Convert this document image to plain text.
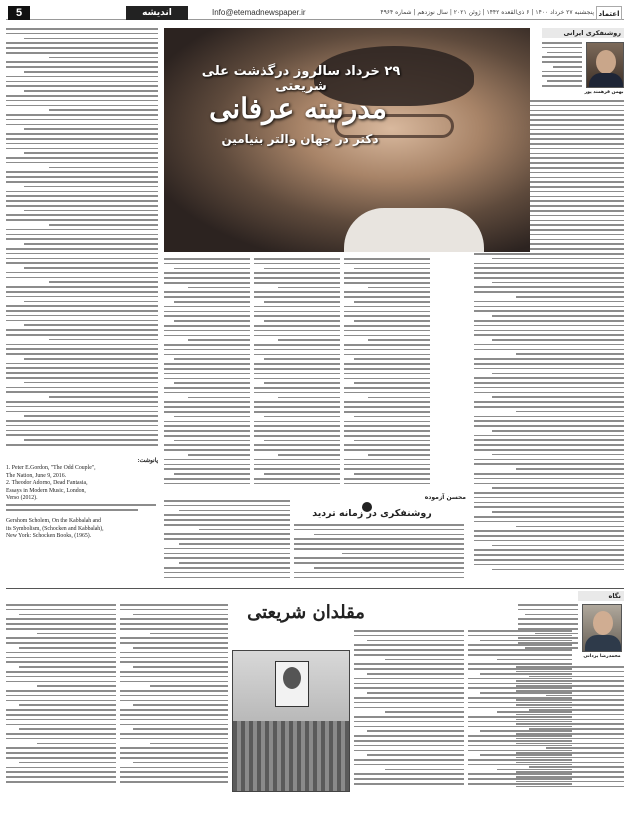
5	اندیشه	Info@etemadnewspaper.ir	پنجشنبه ۲۷ خرداد ۱۴۰۰ | ۶ ذی‌القعده ۱۴۴۲ | ژوئن ۲۰۲۱ | سال نوزدهم | شماره ۴۹۶۴ اعتماد
روشنفکری ایرانی
بهمن فرهمند پور
۲۹ خرداد سالروز درگذشت علی شریعتی
مدرنیته عرفانی
دکتر در جهان والتر بنیامین
پانوشت:
1. Peter E.Gordon, "The Odd Couple",
The Nation, June 9, 2016.
2. Theodor Adorno, Dead Fantasia,
Essays in Modern Music, London,
Verso (2012).
Gershom Scholem, On the Kabbalah and
its Symbolism, (Schocken and Kabbalah),
New York: Schocken Books, (1965).
محسن آزموده
روشنفکری در زمانه تردید
نگاه
مقلدان شریعتی
محمدرضا یزدانی
